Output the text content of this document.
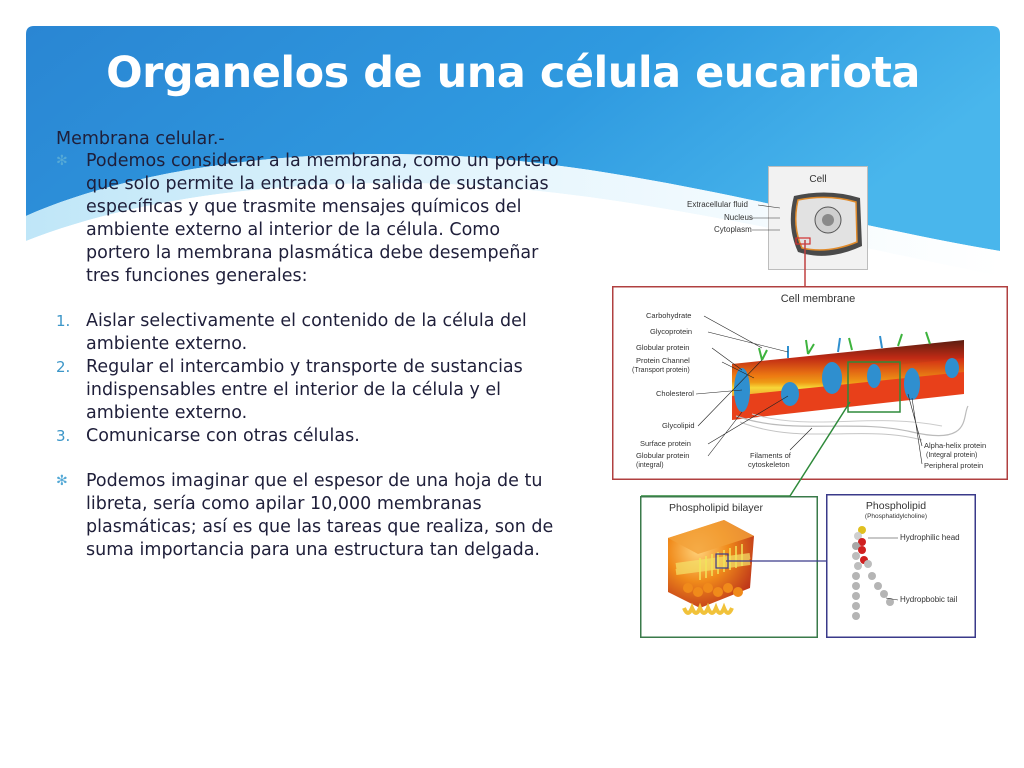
Organelos de una célula eucariota
Membrana celular.-
✻ Podemos considerar a la membrana, como un portero que solo permite la entrada o la salida de sustancias específicas y que trasmite mensajes químicos del ambiente externo al interior de la célula. Como portero la membrana plasmática debe desempeñar tres funciones generales:
1. Aislar selectivamente el contenido de la célula del ambiente externo.
2. Regular el intercambio y transporte de sustancias indispensables entre el interior de la célula y el ambiente externo.
3. Comunicarse con otras células.
✻ Podemos imaginar que el espesor de una hoja de tu libreta, sería como apilar 10,000 membranas plasmáticas; así es que las tareas que realiza, son de suma importancia para una estructura tan delgada.
Cell
Extracellular fluid
Nucleus
Cytoplasm
Cell membrane
Carbohydrate
Glycoprotein
Globular protein
Protein Channel
(Transport protein)
Cholesterol
Glycolipid
Surface protein
Globular protein
(integral)
Filaments of
cytoskeleton
Alpha-helix protein
(Integral protein)
Peripheral protein
Phospholipid bilayer	Phospholipid
(Phosphatidylcholine)
Hydrophilic head
Hydropbobic tail
